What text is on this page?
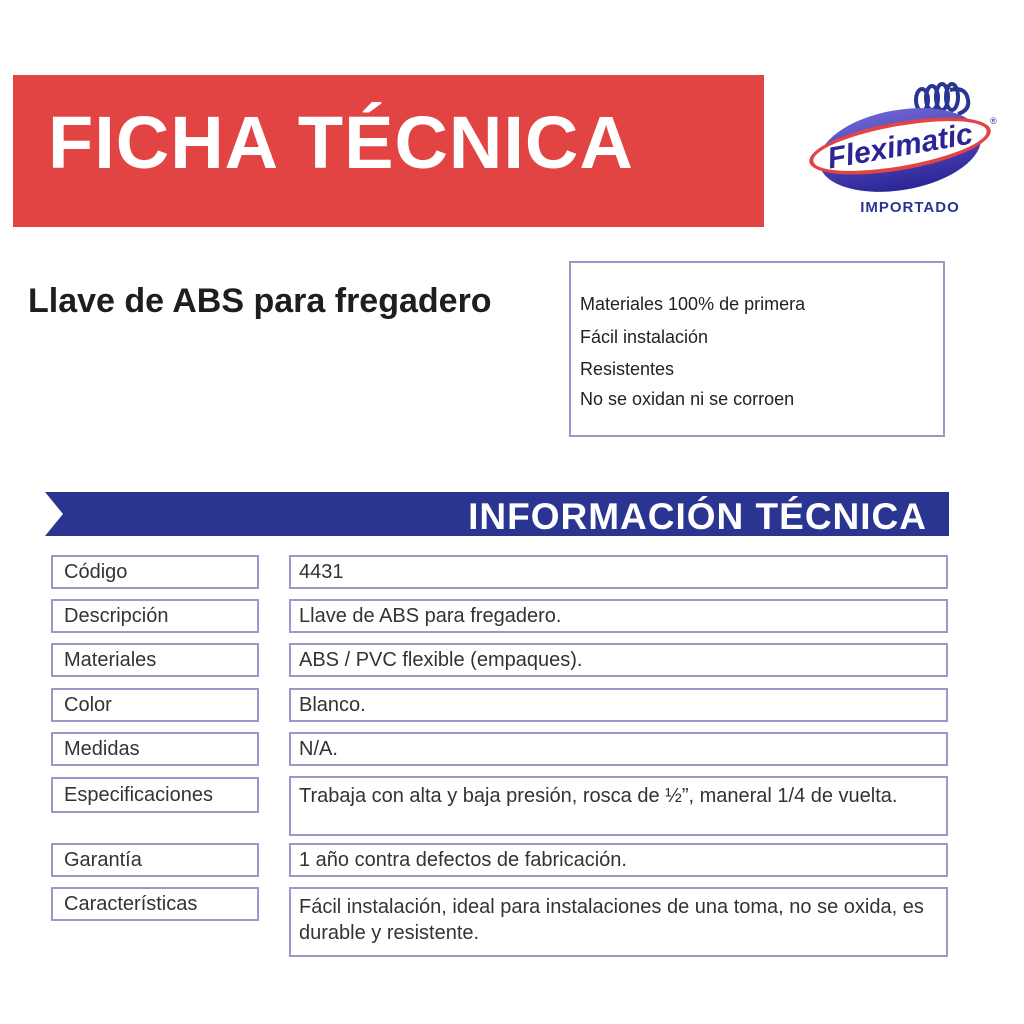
FICHA TÉCNICA	Fleximatic ®
IMPORTADO
Llave de ABS para fregadero	Materiales 100% de primera
Fácil instalación
Resistentes
No se oxidan ni se corroen
INFORMACIÓN TÉCNICA
Código	4431
Descripción	Llave de ABS para fregadero.
Materiales	ABS / PVC flexible (empaques).
Color	Blanco.
Medidas	N/A.
Especificaciones	Trabaja con alta y baja presión, rosca de ½”, maneral 1/4 de vuelta.
Garantía	1 año contra defectos de fabricación.
Características	Fácil instalación, ideal para instalaciones de una toma, no se oxida, es durable y resistente.
